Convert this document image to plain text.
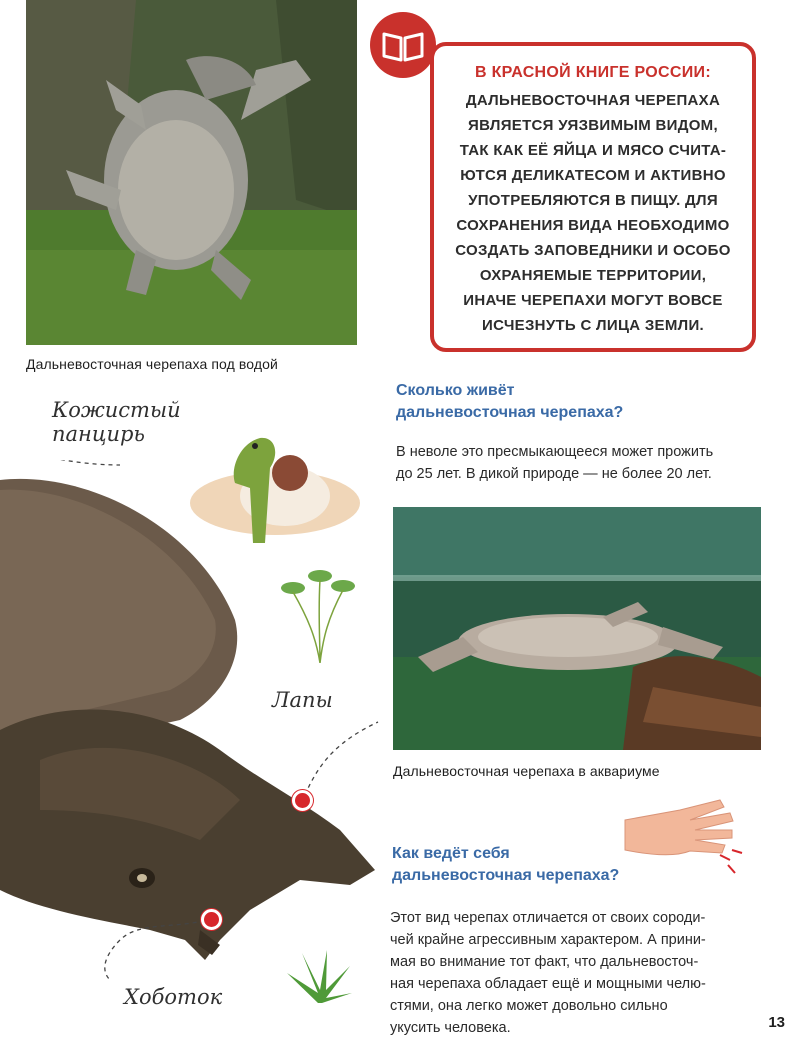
Дальневосточная черепаха под водой
В КРАСНОЙ КНИГЕ РОССИИ:
ДАЛЬНЕВОСТОЧНАЯ ЧЕРЕПАХА
ЯВЛЯЕТСЯ УЯЗВИМЫМ ВИДОМ,
ТАК КАК ЕЁ ЯЙЦА И МЯСО СЧИТА-
ЮТСЯ ДЕЛИКАТЕСОМ И АКТИВНО
УПОТРЕБЛЯЮТСЯ В ПИЩУ. ДЛЯ
СОХРАНЕНИЯ ВИДА НЕОБХОДИМО
СОЗДАТЬ ЗАПОВЕДНИКИ И ОСОБО
ОХРАНЯЕМЫЕ ТЕРРИТОРИИ,
ИНАЧЕ ЧЕРЕПАХИ МОГУТ ВОВСЕ
ИСЧЕЗНУТЬ С ЛИЦА ЗЕМЛИ.
Сколько живёт
дальневосточная черепаха?
В неволе это пресмыкающееся может прожить
до 25 лет. В дикой природе — не более 20 лет.
Дальневосточная черепаха в аквариуме
Как ведёт себя
дальневосточная черепаха?
Этот вид черепах отличается от своих сороди-
чей крайне агрессивным характером. А прини-
мая во внимание тот факт, что дальневосточ-
ная черепаха обладает ещё и мощными челю-
стями, она легко может довольно сильно
укусить человека.
Кожистый
панцирь
Лапы
Хоботок
13
